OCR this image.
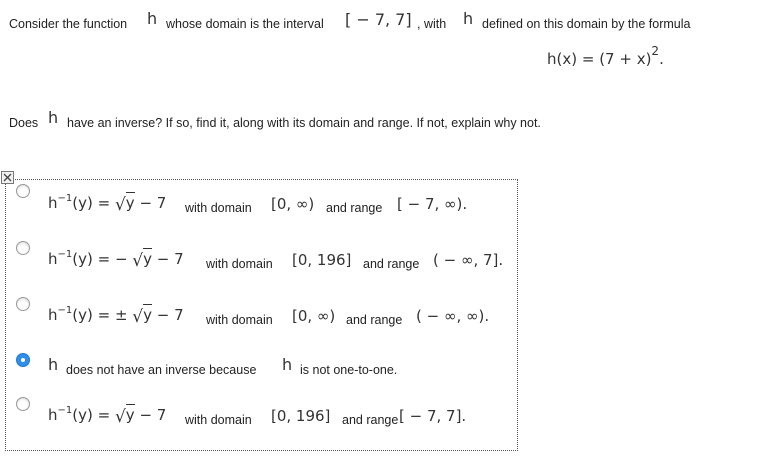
Consider the function h whose domain is the interval [ − 7, 7] , with h defined on this domain by the formula
$h(x) = (7 + x)^2$.
Does h have an inverse? If so, find it, along with its domain and range. If not, explain why not.
$h^{-1}(y) = √y - 7$ with domain [0, ∞) and range [ − 7, ∞).
$h^{-1}(y)$ = − √y − 7 with domain [0, 196] and range ( − ∞, 7].
$h^{-1}(y)$ = ± √y − 7 with domain [0, ∞) and range ( − ∞, ∞).
h does not have an inverse because h is not one-to-one.
$h^{-1}(y) = √y - 7$ with domain [0, 196] and range [ − 7, 7].
